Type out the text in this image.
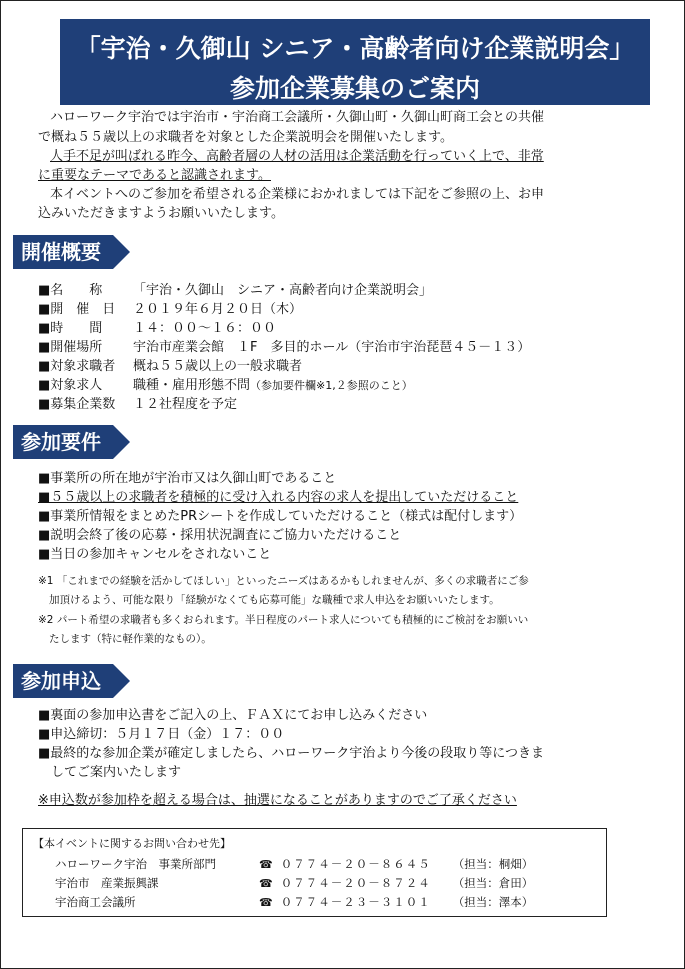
「宇治・久御山 シニア・高齢者向け企業説明会」
参加企業募集のご案内
ハローワーク宇治では宇治市・宇治商工会議所・久御山町・久御山町商工会との共催
で概ね５５歳以上の求職者を対象とした企業説明会を開催いたします。
人手不足が叫ばれる昨今、高齢者層の人材の活用は企業活動を行っていく上で、非常
に重要なテーマであると認識されます。
本イベントへのご参加を希望される企業様におかれましては下記をご参照の上、お申
込みいただきますようお願いいたします。
開催概要
■名　　称 「宇治・久御山　シニア・高齢者向け企業説明会」
■開　催　日 ２０１９年６月２０日（木）
■時　　間 １４：００～１６：００
■開催場所 宇治市産業会館　１F　多目的ホール（宇治市宇治琵琶４５－１３）
■対象求職者 概ね５５歳以上の一般求職者
■対象求人 職種・雇用形態不問（参加要件欄※1,２参照のこと）
■募集企業数 １２社程度を予定
参加要件
■事業所の所在地が宇治市又は久御山町であること
■５５歳以上の求職者を積極的に受け入れる内容の求人を提出していただけること
■事業所情報をまとめたPRシートを作成していただけること（様式は配付します）
■説明会終了後の応募・採用状況調査にご協力いただけること
■当日の参加キャンセルをされないこと
※1 「これまでの経験を活かしてほしい」といったニーズはあるかもしれませんが、多くの求職者にご参
加頂けるよう、可能な限り「経験がなくても応募可能」な職種で求人申込をお願いいたします。
※2 パート希望の求職者も多くおられます。半日程度のパート求人についても積極的にご検討をお願いい
たします（特に軽作業的なもの）。
参加申込
■裏面の参加申込書をご記入の上、ＦＡＸにてお申し込みください
■申込締切：５月１７日（金）１７：００
■最終的な参加企業が確定しましたら、ハローワーク宇治より今後の段取り等につきま
　してご案内いたします
※申込数が参加枠を超える場合は、抽選になることがありますのでご了承ください
【本イベントに関するお問い合わせ先】
ハローワーク宇治　事業所部門	☎ ０７７４－２０－８６４５ （担当：桐畑）
宇治市　産業振興課	☎ ０７７４－２０－８７２４ （担当：倉田）
宇治商工会議所	☎ ０７７４－２３－３１０１ （担当：澤本）
